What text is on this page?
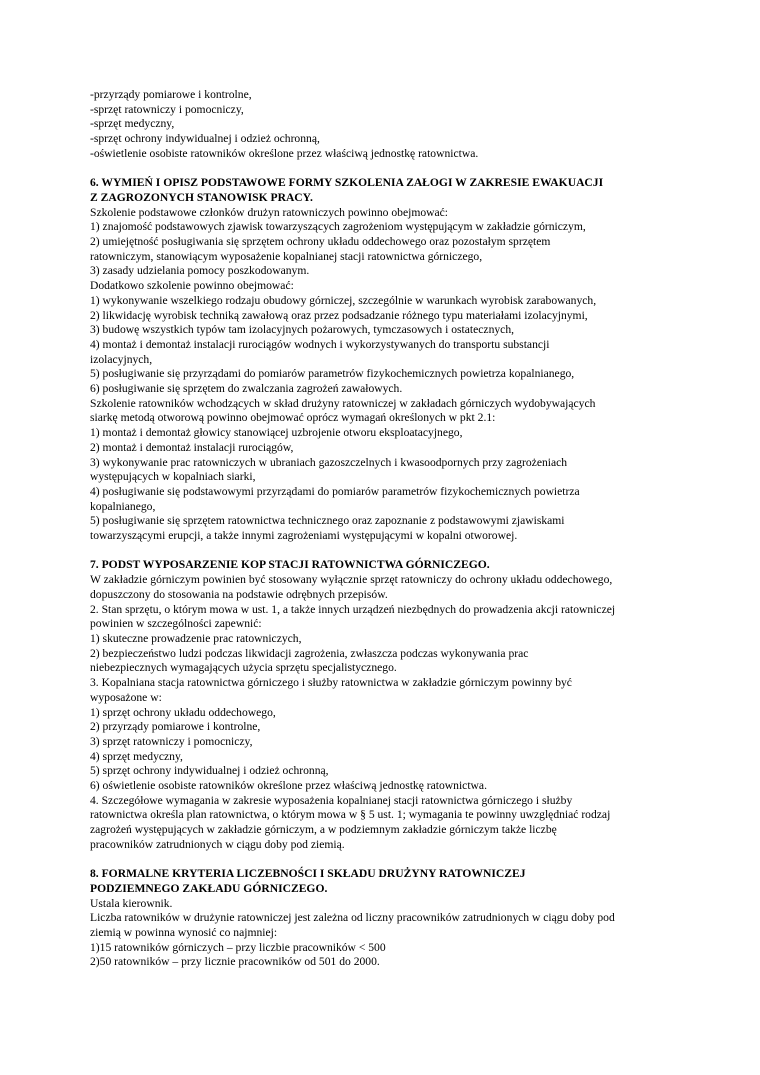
-przyrządy pomiarowe i kontrolne,
-sprzęt ratowniczy i pomocniczy,
-sprzęt medyczny,
-sprzęt ochrony indywidualnej i odzież ochronną,
-oświetlenie osobiste ratowników określone przez właściwą jednostkę ratownictwa.
6. WYMIEŃ I OPISZ PODSTAWOWE FORMY SZKOLENIA ZAŁOGI W ZAKRESIE EWAKUACJI
Z ZAGROZONYCH STANOWISK PRACY.
Szkolenie podstawowe członków drużyn ratowniczych powinno obejmować:
1) znajomość podstawowych zjawisk towarzyszących zagrożeniom występującym w zakładzie górniczym,
2) umiejętność posługiwania się sprzętem ochrony układu oddechowego oraz pozostałym sprzętem
ratowniczym, stanowiącym wyposażenie kopalnianej stacji ratownictwa górniczego,
3) zasady udzielania pomocy poszkodowanym.
Dodatkowo szkolenie powinno obejmować:
1) wykonywanie wszelkiego rodzaju obudowy górniczej, szczególnie w warunkach wyrobisk zarabowanych,
2) likwidację wyrobisk techniką zawałową oraz przez podsadzanie różnego typu materiałami izolacyjnymi,
3) budowę wszystkich typów tam izolacyjnych pożarowych, tymczasowych i ostatecznych,
4) montaż i demontaż instalacji rurociągów wodnych i wykorzystywanych do transportu substancji
izolacyjnych,
5) posługiwanie się przyrządami do pomiarów parametrów fizykochemicznych powietrza kopalnianego,
6) posługiwanie się sprzętem do zwalczania zagrożeń zawałowych.
Szkolenie ratowników wchodzących w skład drużyny ratowniczej w zakładach górniczych wydobywających
siarkę metodą otworową powinno obejmować oprócz wymagań określonych w pkt 2.1:
1) montaż i demontaż głowicy stanowiącej uzbrojenie otworu eksploatacyjnego,
2) montaż i demontaż instalacji rurociągów,
3) wykonywanie prac ratowniczych w ubraniach gazoszczelnych i kwasoodpornych przy zagrożeniach
występujących w kopalniach siarki,
4) posługiwanie się podstawowymi przyrządami do pomiarów parametrów fizykochemicznych powietrza
kopalnianego,
5) posługiwanie się sprzętem ratownictwa technicznego oraz zapoznanie z podstawowymi zjawiskami
towarzyszącymi erupcji, a także innymi zagrożeniami występującymi w kopalni otworowej.
7. PODST WYPOSARZENIE KOP STACJI RATOWNICTWA GÓRNICZEGO.
W zakładzie górniczym powinien być stosowany wyłącznie sprzęt ratowniczy do ochrony układu oddechowego,
dopuszczony do stosowania na podstawie odrębnych przepisów.
2. Stan sprzętu, o którym mowa w ust. 1, a także innych urządzeń niezbędnych do prowadzenia akcji ratowniczej
powinien w szczególności zapewnić:
1) skuteczne prowadzenie prac ratowniczych,
2) bezpieczeństwo ludzi podczas likwidacji zagrożenia, zwłaszcza podczas wykonywania prac
niebezpiecznych wymagających użycia sprzętu specjalistycznego.
3. Kopalniana stacja ratownictwa górniczego i służby ratownictwa w zakładzie górniczym powinny być
wyposażone w:
1) sprzęt ochrony układu oddechowego,
2) przyrządy pomiarowe i kontrolne,
3) sprzęt ratowniczy i pomocniczy,
4) sprzęt medyczny,
5) sprzęt ochrony indywidualnej i odzież ochronną,
6) oświetlenie osobiste ratowników określone przez właściwą jednostkę ratownictwa.
4. Szczegółowe wymagania w zakresie wyposażenia kopalnianej stacji ratownictwa górniczego i służby
ratownictwa określa plan ratownictwa, o którym mowa w § 5 ust. 1; wymagania te powinny uwzględniać rodzaj
zagrożeń występujących w zakładzie górniczym, a w podziemnym zakładzie górniczym także liczbę
pracowników zatrudnionych w ciągu doby pod ziemią.
8. FORMALNE KRYTERIA LICZEBNOŚCI I SKŁADU DRUŻYNY RATOWNICZEJ
PODZIEMNEGO ZAKŁADU GÓRNICZEGO.
Ustala kierownik.
Liczba ratowników w drużynie ratowniczej jest zależna od liczny pracowników zatrudnionych w ciągu doby pod
ziemią w powinna wynosić co najmniej:
1)15 ratowników górniczych – przy liczbie pracowników < 500
2)50 ratowników – przy licznie pracowników od 501 do 2000.
